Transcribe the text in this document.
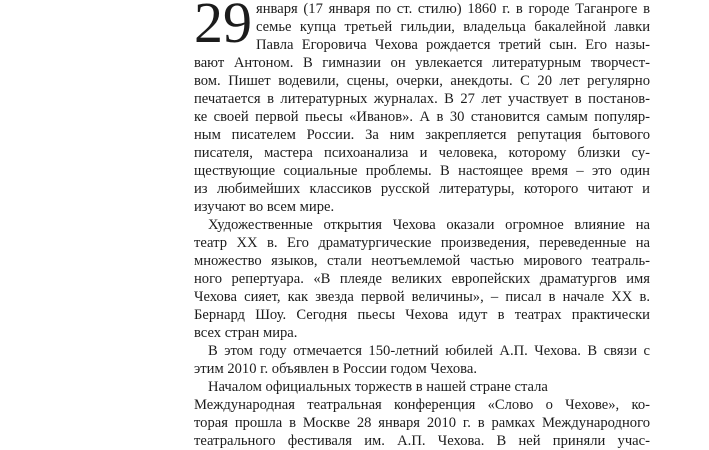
29 января (17 января по ст. стилю) 1860 г. в городе Таганроге в
семье купца третьей гильдии, владельца бакалейной лавки
Павла Егоровича Чехова рождается третий сын. Его назы-
вают Антоном. В гимназии он увлекается литературным творчест-
вом. Пишет водевили, сцены, очерки, анекдоты. С 20 лет регулярно
печатается в литературных журналах. В 27 лет участвует в постанов-
ке своей первой пьесы «Иванов». А в 30 становится самым популяр-
ным писателем России. За ним закрепляется репутация бытового
писателя, мастера психоанализа и человека, которому близки су-
ществующие социальные проблемы. В настоящее время – это один
из любимейших классиков русской литературы, которого читают и
изучают во всем мире.
Художественные открытия Чехова оказали огромное влияние на
театр XX в. Его драматургические произведения, переведенные на
множество языков, стали неотъемлемой частью мирового театраль-
ного репертуара. «В плеяде великих европейских драматургов имя
Чехова сияет, как звезда первой величины», – писал в начале XX в.
Бернард Шоу. Сегодня пьесы Чехова идут в театрах практически
всех стран мира.
В этом году отмечается 150-летний юбилей А.П. Чехова. В связи с
этим 2010 г. объявлен в России годом Чехова.
Началом официальных торжеств в нашей стране стала
Международная театральная конференция «Слово о Чехове», ко-
торая прошла в Москве 28 января 2010 г. в рамках Международного
театрального фестиваля им. А.П. Чехова. В ней приняли учас-
